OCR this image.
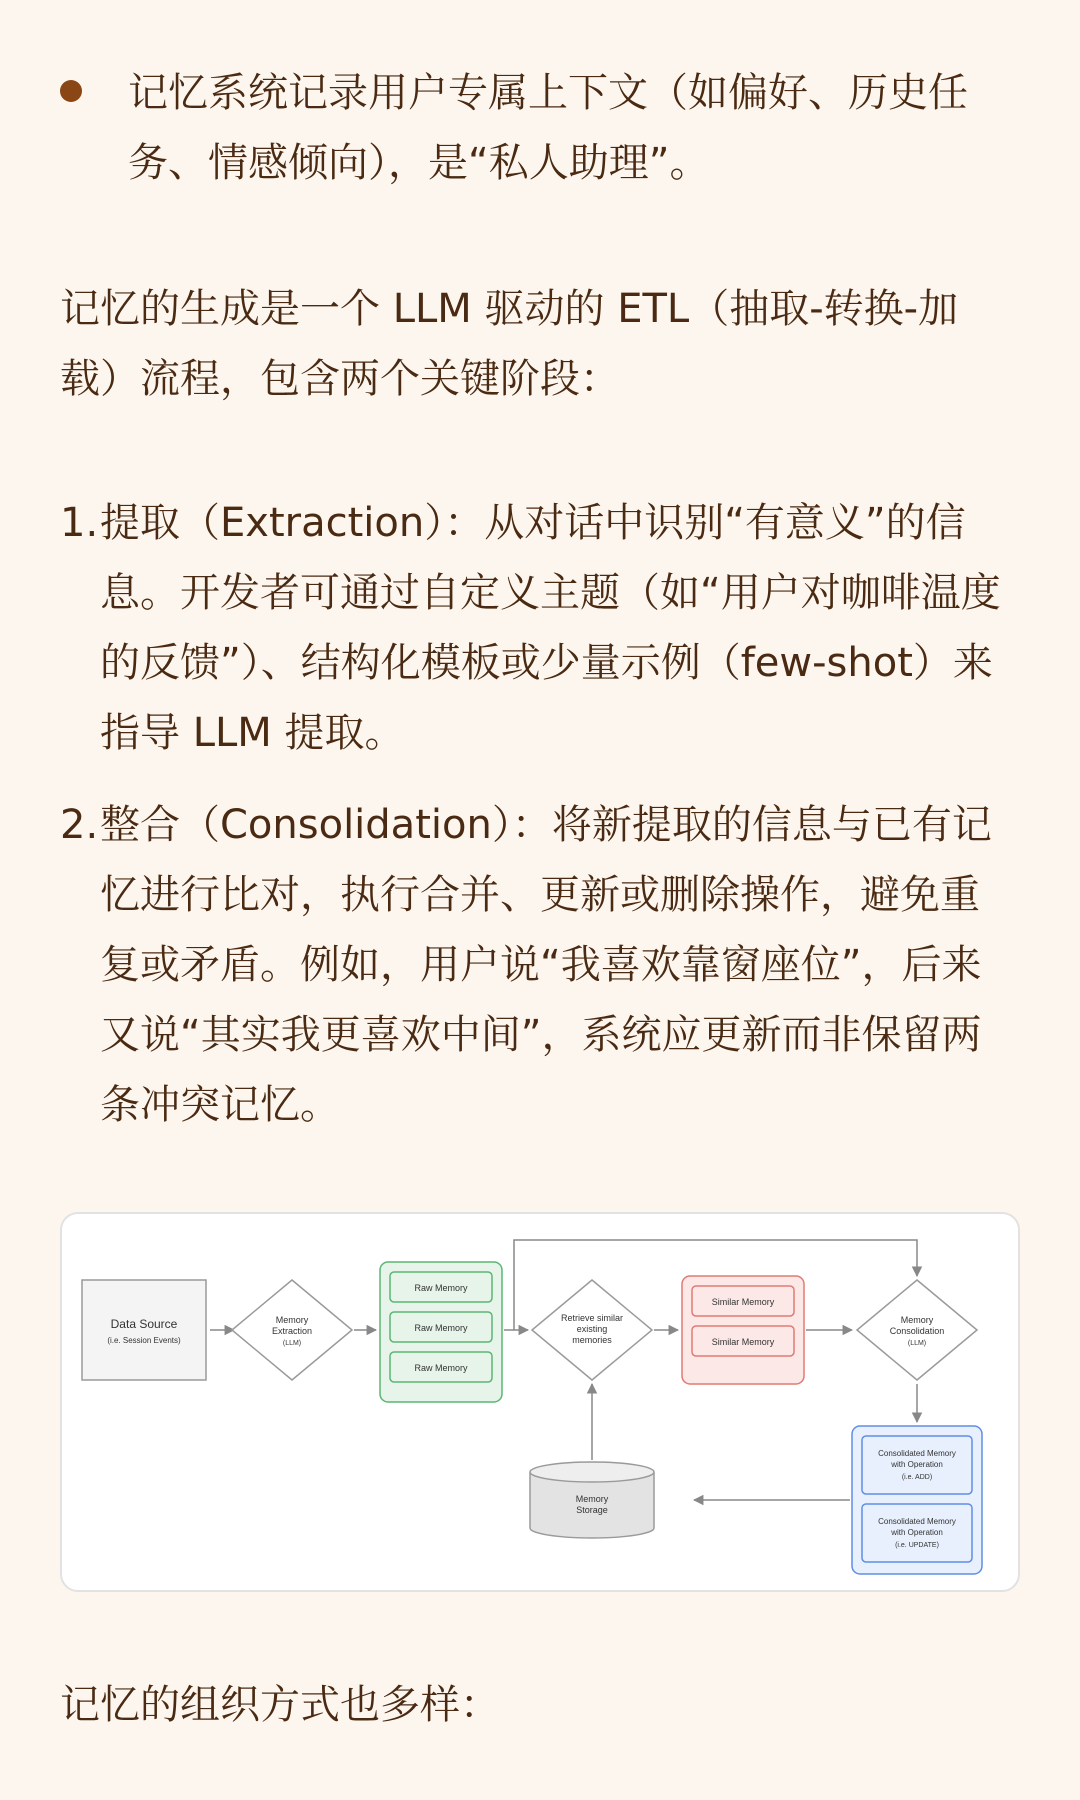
记忆系统记录用户专属上下文（如偏好、历史任
务、情感倾向），是“私人助理”。

记忆的生成是一个 LLM 驱动的 ETL（抽取-转换-加
载）流程，包含两个关键阶段：

1. 提取（Extraction）：从对话中识别“有意义”的信
息。开发者可通过自定义主题（如“用户对咖啡温度
的反馈”）、结构化模板或少量示例（few-shot）来
指导 LLM 提取。
2. 整合（Consolidation）：将新提取的信息与已有记
忆进行比对，执行合并、更新或删除操作，避免重
复或矛盾。例如，用户说“我喜欢靠窗座位”，后来
又说“其实我更喜欢中间”，系统应更新而非保留两
条冲突记忆。
Data Source
(i.e. Session Events)
Memory
Extraction
(LLM)
Raw Memory
Raw Memory
Raw Memory
Retrieve similar
existing
memories
Similar Memory
Similar Memory
Memory
Consolidation
(LLM)
Consolidated Memory
with Operation
(i.e. ADD)
Consolidated Memory
with Operation
(i.e. UPDATE)
Memory
Storage

记忆的组织方式也多样：
